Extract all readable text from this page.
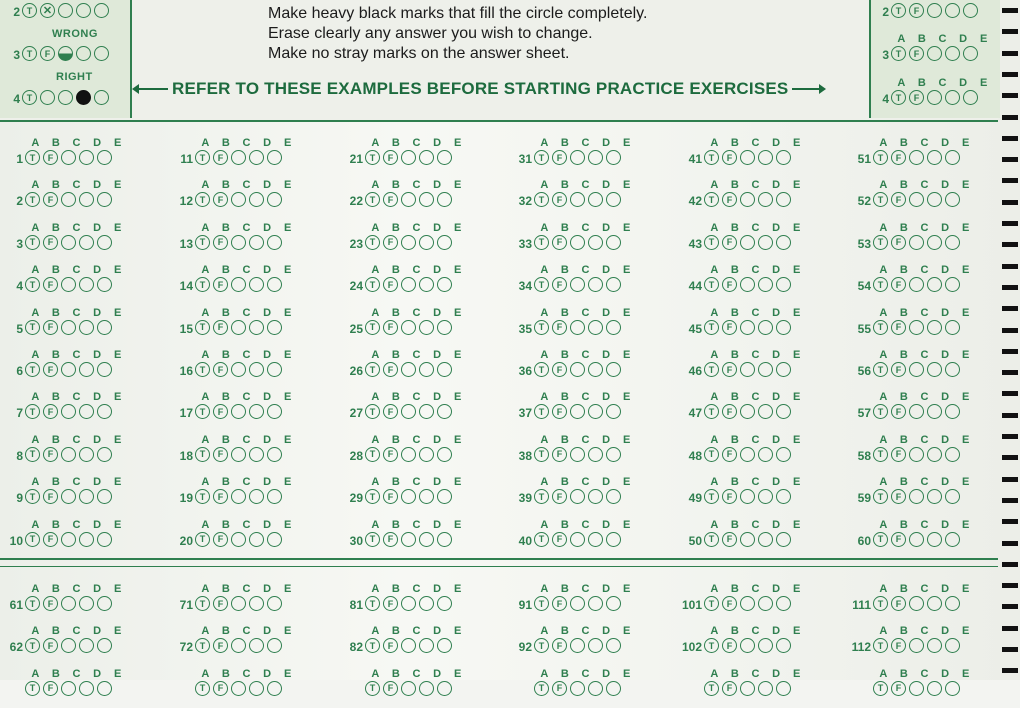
WRONG
RIGHT
2 T
✕
3 T	F
4 T
2 T	F
A B C D E
3 T	F
A B C D E
4 T	F
Make heavy black marks that fill the circle completely.
Erase clearly any answer you wish to change.
Make no stray marks on the answer sheet.
REFER TO THESE EXAMPLES BEFORE STARTING PRACTICE EXERCISES
A B C D E
1 T	F
A B C D E
2 T	F
A B C D E
3 T	F
A B C D E
4 T	F
A B C D E
5 T	F
A B C D E
6 T	F
A B C D E
7 T	F
A B C D E
8 T	F
A B C D E
9 T	F
A B C D E
10 T	F
A B C D E
11 T	F
A B C D E
12 T	F
A B C D E
13 T	F
A B C D E
14 T	F
A B C D E
15 T	F
A B C D E
16 T	F
A B C D E
17 T	F
A B C D E
18 T	F
A B C D E
19 T	F
A B C D E
20 T	F
A B C D E
21 T	F
A B C D E
22 T	F
A B C D E
23 T	F
A B C D E
24 T	F
A B C D E
25 T	F
A B C D E
26 T	F
A B C D E
27 T	F
A B C D E
28 T	F
A B C D E
29 T	F
A B C D E
30 T	F
A B C D E
31 T	F
A B C D E
32 T	F
A B C D E
33 T	F
A B C D E
34 T	F
A B C D E
35 T	F
A B C D E
36 T	F
A B C D E
37 T	F
A B C D E
38 T	F
A B C D E
39 T	F
A B C D E
40 T	F
A B C D E
41 T	F
A B C D E
42 T	F
A B C D E
43 T	F
A B C D E
44 T	F
A B C D E
45 T	F
A B C D E
46 T	F
A B C D E
47 T	F
A B C D E
48 T	F
A B C D E
49 T	F
A B C D E
50 T	F
A B C D E
51 T	F
A B C D E
52 T	F
A B C D E
53 T	F
A B C D E
54 T	F
A B C D E
55 T	F
A B C D E
56 T	F
A B C D E
57 T	F
A B C D E
58 T	F
A B C D E
59 T	F
A B C D E
60 T	F
A B C D E
61 T	F
A B C D E
62 T	F
A B C D E
T	F
A B C D E
71 T	F
A B C D E
72 T	F
A B C D E
T	F
A B C D E
81 T	F
A B C D E
82 T	F
A B C D E
T	F
A B C D E
91 T	F
A B C D E
92 T	F
A B C D E
T	F
A B C D E
101 T	F
A B C D E
102 T	F
A B C D E
T	F
A B C D E
111 T	F
A B C D E
112 T	F
A B C D E
T	F
